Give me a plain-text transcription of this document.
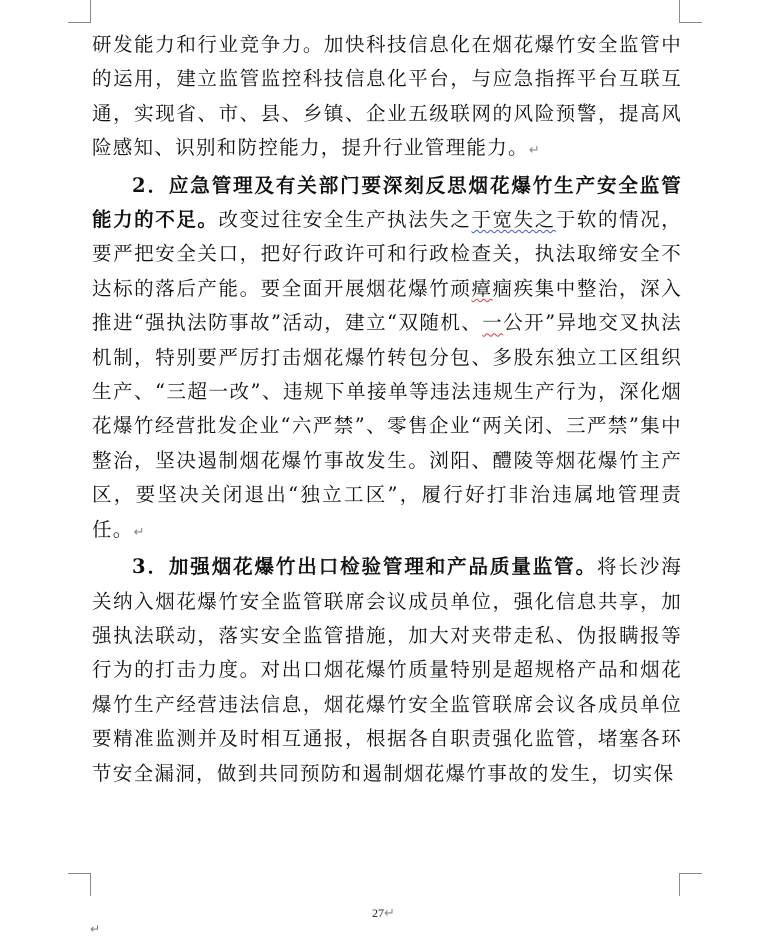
研发能力和行业竞争力。加快科技信息化在烟花爆竹安全监管中的运用，建立监管监控科技信息化平台，与应急指挥平台互联互通，实现省、市、县、乡镇、企业五级联网的风险预警，提高风险感知、识别和防控能力，提升行业管理能力。↵

2．应急管理及有关部门要深刻反思烟花爆竹生产安全监管能力的不足。改变过往安全生产执法失之于宽失之于软的情况，要严把安全关口，把好行政许可和行政检查关，执法取缔安全不达标的落后产能。要全面开展烟花爆竹顽瘴痼疾集中整治，深入推进“强执法防事故”活动，建立“双随机、一公开”异地交叉执法机制，特别要严厉打击烟花爆竹转包分包、多股东独立工区组织生产、“三超一改”、违规下单接单等违法违规生产行为，深化烟花爆竹经营批发企业“六严禁”、零售企业“两关闭、三严禁”集中整治，坚决遏制烟花爆竹事故发生。浏阳、醴陵等烟花爆竹主产区，要坚决关闭退出“独立工区”，履行好打非治违属地管理责任。↵

3．加强烟花爆竹出口检验管理和产品质量监管。将长沙海关纳入烟花爆竹安全监管联席会议成员单位，强化信息共享，加强执法联动，落实安全监管措施，加大对夹带走私、伪报瞒报等行为的打击力度。对出口烟花爆竹质量特别是超规格产品和烟花爆竹生产经营违法信息，烟花爆竹安全监管联席会议各成员单位要精准监测并及时相互通报，根据各自职责强化监管，堵塞各环节安全漏洞，做到共同预防和遏制烟花爆竹事故的发生，切实保

27↵
↵
